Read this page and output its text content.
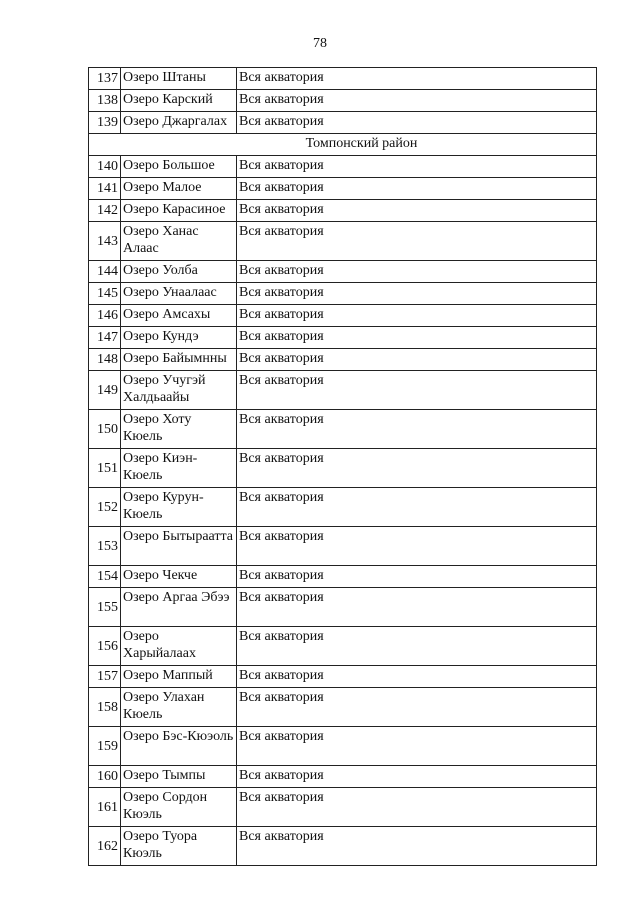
78
137	Озеро Штаны	Вся акватория
138	Озеро Карский	Вся акватория
139	Озеро Джаргалах	Вся акватория
Томпонский район		
140	Озеро Большое	Вся акватория
141	Озеро Малое	Вся акватория
142	Озеро Карасиное	Вся акватория
143	Озеро Ханас Алаас	Вся акватория
144	Озеро Уолба	Вся акватория
145	Озеро Унаалаас	Вся акватория
146	Озеро Амсахы	Вся акватория
147	Озеро Кундэ	Вся акватория
148	Озеро Байымнны	Вся акватория
149	Озеро Учугэй Халдьаайы	Вся акватория
150	Озеро Хоту Кюель	Вся акватория
151	Озеро Киэн-Кюель	Вся акватория
152	Озеро Курун-Кюель	Вся акватория
153	Озеро Бытыраатта	Вся акватория
154	Озеро Чекче	Вся акватория
155	Озеро Аргаа Эбээ	Вся акватория
156	Озеро Харыйалаах	Вся акватория
157	Озеро Маппый	Вся акватория
158	Озеро Улахан Кюель	Вся акватория
159	Озеро Бэс-Кюэоль	Вся акватория
160	Озеро Тымпы	Вся акватория
161	Озеро Сордон Кюэль	Вся акватория
162	Озеро Туора Кюэль	Вся акватория
